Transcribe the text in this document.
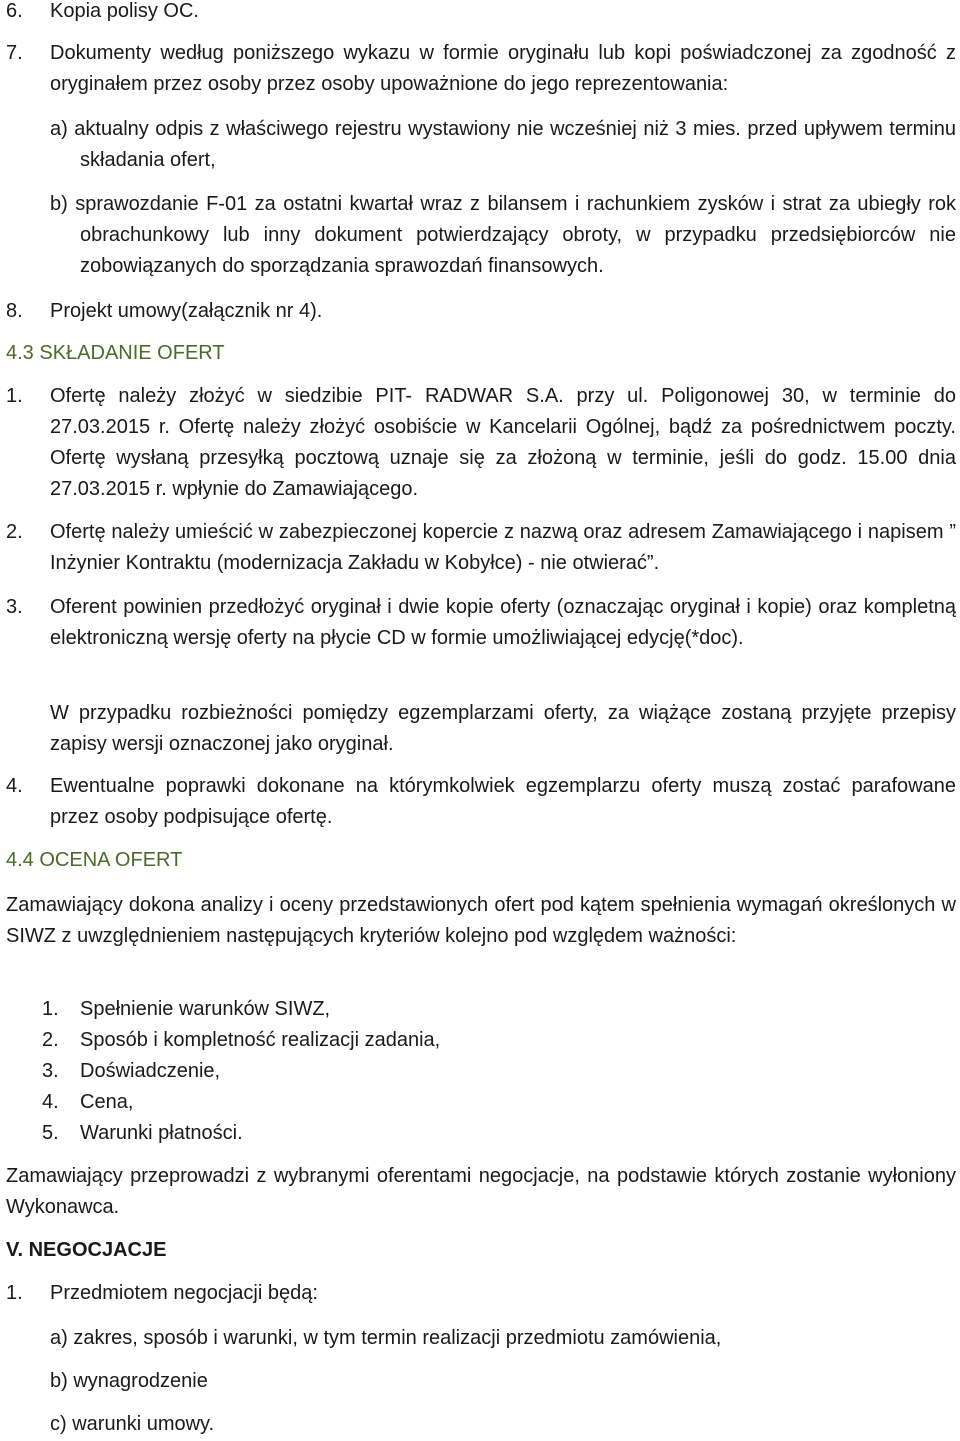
6. Kopia polisy OC.
7. Dokumenty według poniższego wykazu w formie oryginału lub kopi poświadczonej za zgodność z oryginałem przez osoby przez osoby upoważnione do jego reprezentowania:

a) aktualny odpis z właściwego rejestru wystawiony nie wcześniej niż 3 mies. przed upływem terminu składania ofert,

b) sprawozdanie F-01 za ostatni kwartał wraz z bilansem i rachunkiem zysków i strat za ubiegły rok obrachunkowy lub inny dokument potwierdzający obroty, w przypadku przedsiębiorców nie zobowiązanych do sporządzania sprawozdań finansowych.

8. Projekt umowy(załącznik nr 4).

4.3 SKŁADANIE OFERT

1. Ofertę należy złożyć w siedzibie PIT- RADWAR S.A. przy ul. Poligonowej 30, w terminie do 27.03.2015 r. Ofertę należy złożyć osobiście w Kancelarii Ogólnej, bądź za pośrednictwem poczty. Ofertę wysłaną przesyłką pocztową uznaje się za złożoną w terminie, jeśli do godz. 15.00 dnia 27.03.2015 r. wpłynie do Zamawiającego.
2. Ofertę należy umieścić w zabezpieczonej kopercie z nazwą oraz adresem Zamawiającego i napisem ” Inżynier Kontraktu (modernizacja Zakładu w Kobyłce) - nie otwierać”.
3. Oferent powinien przedłożyć oryginał i dwie kopie oferty (oznaczając oryginał i kopie) oraz kompletną elektroniczną wersję oferty na płycie CD w formie umożliwiającej edycję(*doc).

W przypadku rozbieżności pomiędzy egzemplarzami oferty, za wiążące zostaną przyjęte przepisy zapisy wersji oznaczonej jako oryginał.

4. Ewentualne poprawki dokonane na którymkolwiek egzemplarzu oferty muszą zostać parafowane przez osoby podpisujące ofertę.

4.4 OCENA OFERT

Zamawiający dokona analizy i oceny przedstawionych ofert pod kątem spełnienia wymagań określonych w SIWZ z uwzględnieniem następujących kryteriów kolejno pod względem ważności:

1. Spełnienie warunków SIWZ,
2. Sposób i kompletność realizacji zadania,
3. Doświadczenie,
4. Cena,
5. Warunki płatności.

Zamawiający przeprowadzi z wybranymi oferentami negocjacje, na podstawie których zostanie wyłoniony Wykonawca.

V. NEGOCJACJE

1. Przedmiotem negocjacji będą:

a) zakres, sposób i warunki, w tym termin realizacji przedmiotu zamówienia,

b) wynagrodzenie

c) warunki umowy.
